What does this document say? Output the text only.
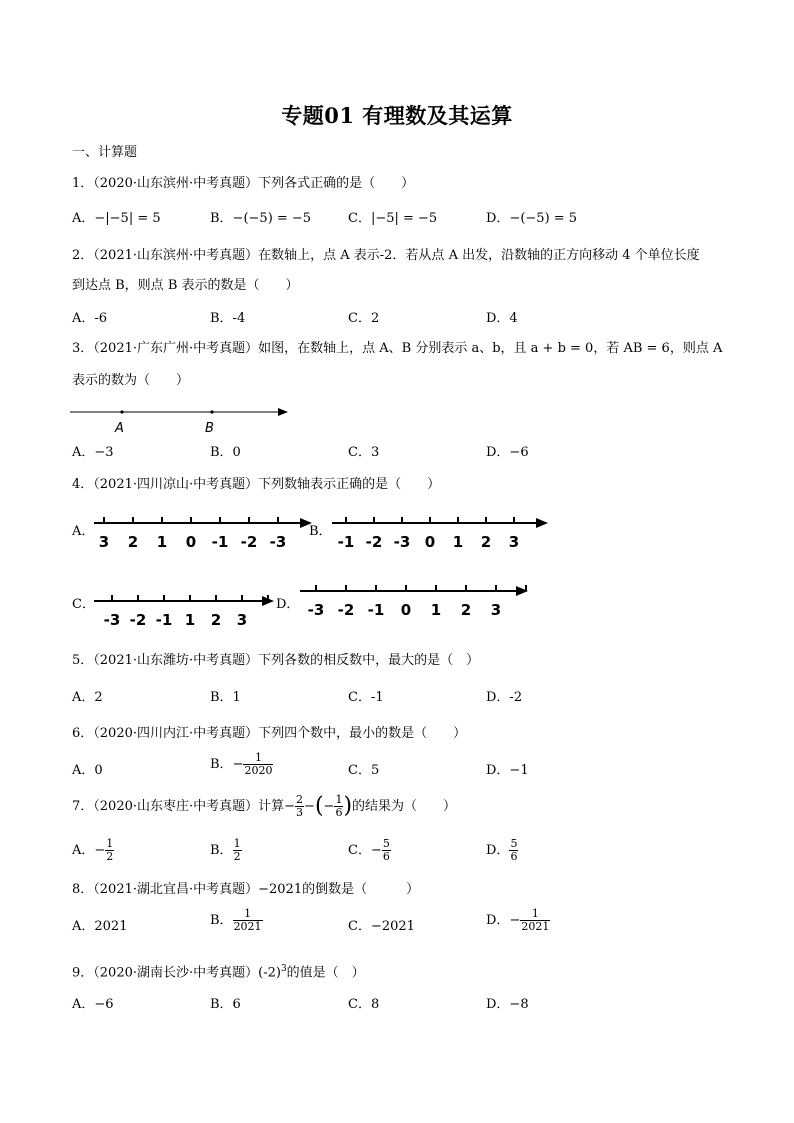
专题01 有理数及其运算
一、计算题
1．（2020·山东滨州·中考真题）下列各式正确的是（　　）
A．−|−5| = 5	B．−(−5) = −5	C．|−5| = −5	D．−(−5) = 5
2．（2021·山东滨州·中考真题）在数轴上，点 A 表示-2．若从点 A 出发，沿数轴的正方向移动 4 个单位长度
到达点 B，则点 B 表示的数是（　　）
A．-6	B．-4	C．2	D．4
3．（2021·广东广州·中考真题）如图，在数轴上，点 A、B 分别表示 a、b，且 a + b = 0，若 AB = 6，则点 A
表示的数为（　　）
A	B
A．−3	B．0	C．3	D．−6
4．（2021·四川凉山·中考真题）下列数轴表示正确的是（　　）
A．
3 2 1 0 -1 -2 -3
B．
-1 -2 -3 0 1 2 3
C．
-3 -2 -1 1 2 3
D． -3 -2 -1 0 1 2 3
5．（2021·山东潍坊·中考真题）下列各数的相反数中，最大的是（　）
A．2	B．1	C．-1	D．-2
6．（2020·四川内江·中考真题）下列四个数中，最小的数是（　　）
A．0	B．− $\frac{1}{2020}$	C．5	D．−1
7．（2020·山东枣庄·中考真题）计算− $\frac{2}{3}$ −(− $\frac{1}{6}$ )的结果为（　　）
A．− $\frac{1}{2}$	B． $\frac{1}{2}$	C．− $\frac{5}{6}$	D． $\frac{5}{6}$
8．（2021·湖北宜昌·中考真题）−2021的倒数是（　　　）
A．2021	B． $\frac{1}{2021}$	C．−2021	D．− $\frac{1}{2021}$
9．（2020·湖南长沙·中考真题）$(-2)^3$的值是（　）
A．−6	B．6	C．8	D．−8
